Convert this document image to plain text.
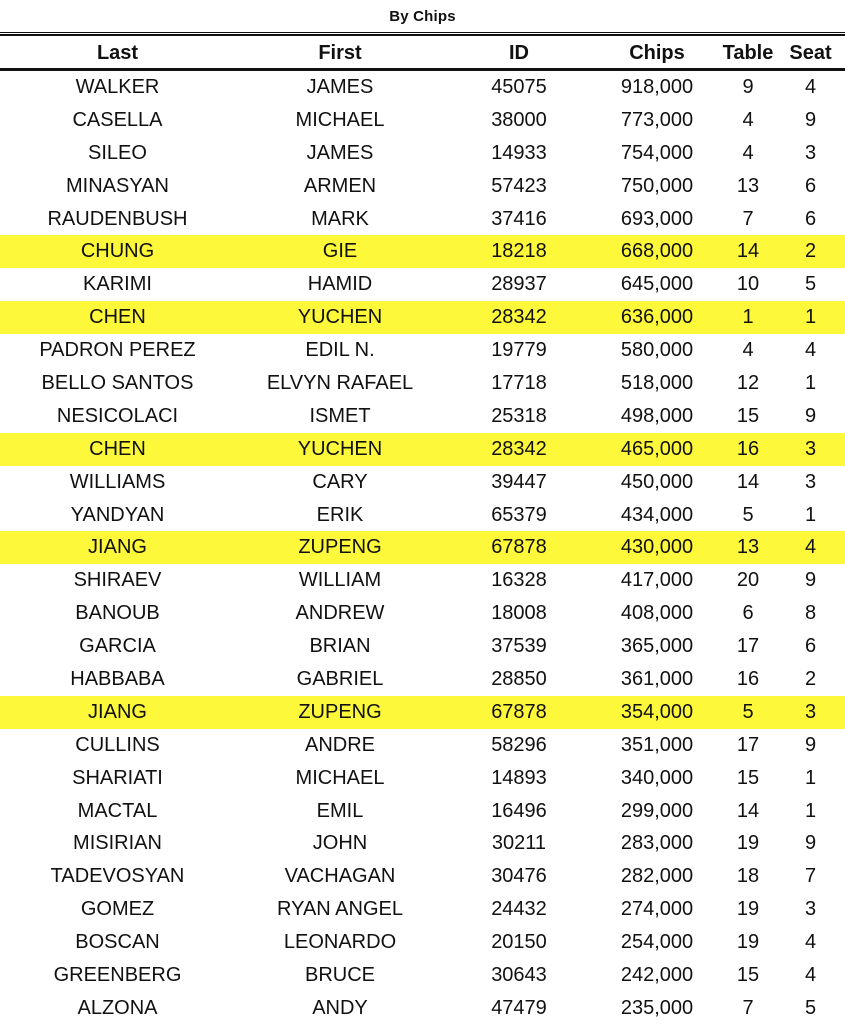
By Chips
Last	First	ID	Chips	Table Seat
WALKER	JAMES	45075	918,000	9	4
CASELLA	MICHAEL	38000	773,000	4	9
SILEO	JAMES	14933	754,000	4	3
MINASYAN	ARMEN	57423	750,000	13	6
RAUDENBUSH	MARK	37416	693,000	7	6
CHUNG	GIE	18218	668,000	14	2
KARIMI	HAMID	28937	645,000	10	5
CHEN	YUCHEN	28342	636,000	1	1
PADRON PEREZ	EDIL N.	19779	580,000	4	4
BELLO SANTOS	ELVYN RAFAEL	17718	518,000	12	1
NESICOLACI	ISMET	25318	498,000	15	9
CHEN	YUCHEN	28342	465,000	16	3
WILLIAMS	CARY	39447	450,000	14	3
YANDYAN	ERIK	65379	434,000	5	1
JIANG	ZUPENG	67878	430,000	13	4
SHIRAEV	WILLIAM	16328	417,000	20	9
BANOUB	ANDREW	18008	408,000	6	8
GARCIA	BRIAN	37539	365,000	17	6
HABBABA	GABRIEL	28850	361,000	16	2
JIANG	ZUPENG	67878	354,000	5	3
CULLINS	ANDRE	58296	351,000	17	9
SHARIATI	MICHAEL	14893	340,000	15	1
MACTAL	EMIL	16496	299,000	14	1
MISIRIAN	JOHN	30211	283,000	19	9
TADEVOSYAN	VACHAGAN	30476	282,000	18	7
GOMEZ	RYAN ANGEL	24432	274,000	19	3
BOSCAN	LEONARDO	20150	254,000	19	4
GREENBERG	BRUCE	30643	242,000	15	4
ALZONA	ANDY	47479	235,000	7	5
